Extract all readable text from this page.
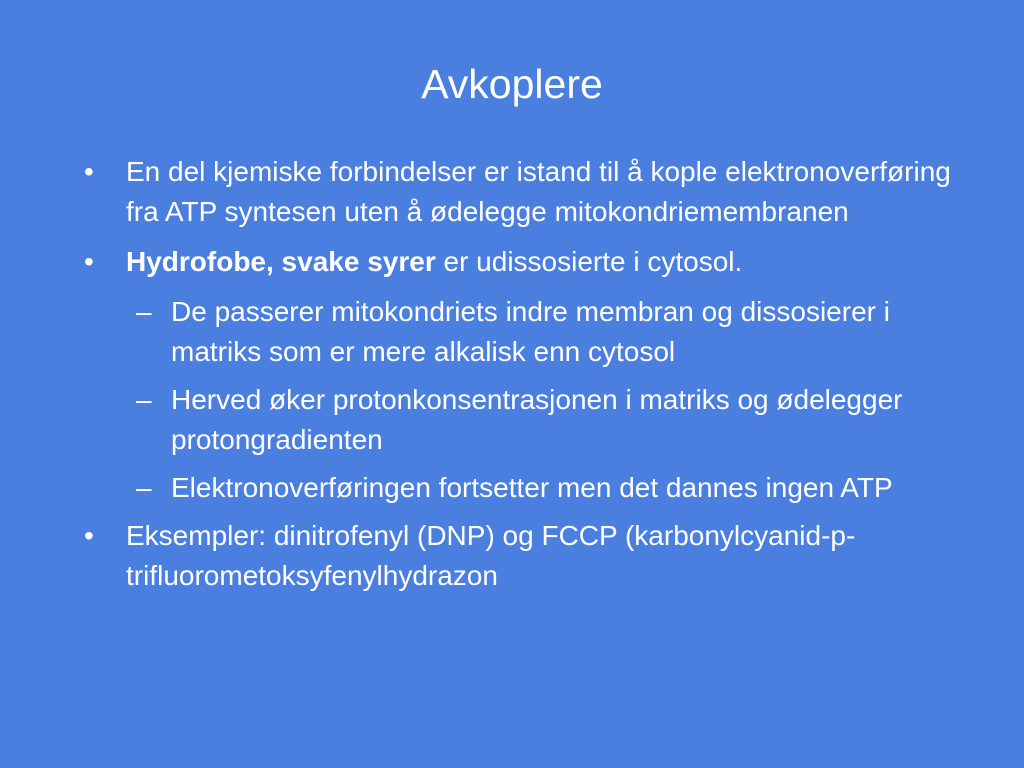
Avkoplere
• En del kjemiske forbindelser er istand til å kople elektronoverføring fra ATP syntesen uten å ødelegge mitokondriemembranen
• Hydrofobe, svake syrer er udissosierte i cytosol.
– De passerer mitokondriets indre membran og dissosierer i matriks som er mere alkalisk enn cytosol
– Herved øker protonkonsentrasjonen i matriks og ødelegger protongradienten
– Elektronoverføringen fortsetter men det dannes ingen ATP
• Eksempler: dinitrofenyl (DNP) og FCCP (karbonylcyanid-p-trifluorometoksyfenylhydrazon
